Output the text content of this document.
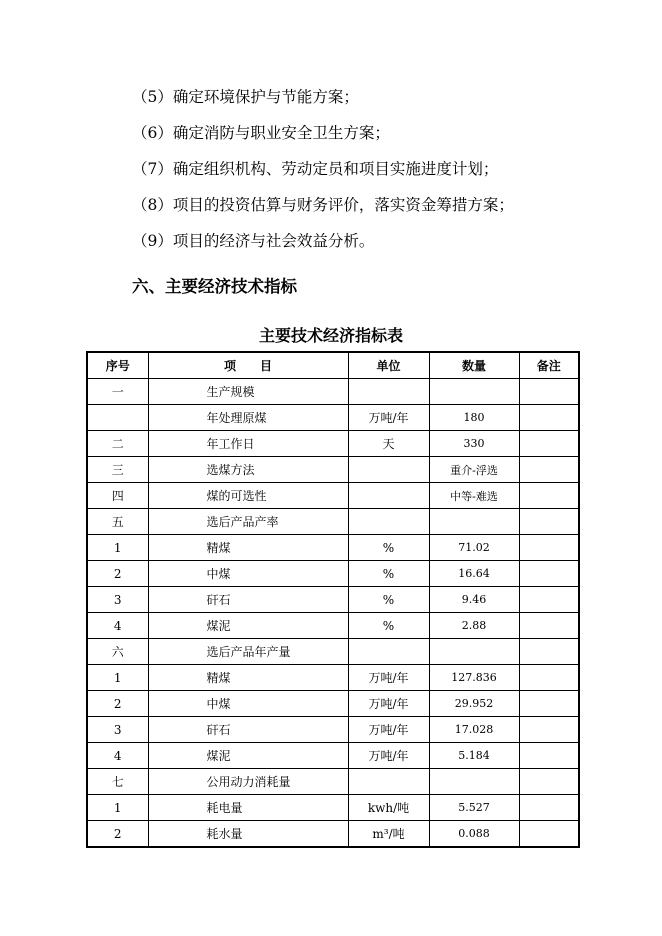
（5）确定环境保护与节能方案；
（6）确定消防与职业安全卫生方案；
（7）确定组织机构、劳动定员和项目实施进度计划；
（8）项目的投资估算与财务评价，落实资金筹措方案；
（9）项目的经济与社会效益分析。
六、主要经济技术指标
主要技术经济指标表
序号	项　　目	单位	数量	备注
一	生产规模			
	年处理原煤	万吨/年	180	
二	年工作日	天	330	
三	选煤方法		重介-浮选	
四	煤的可选性		中等-难选	
五	选后产品产率			
1	精煤	%	71.02	
2	中煤	%	16.64	
3	矸石	%	9.46	
4	煤泥	%	2.88	
六	选后产品年产量			
1	精煤	万吨/年	127.836	
2	中煤	万吨/年	29.952	
3	矸石	万吨/年	17.028	
4	煤泥	万吨/年	5.184	
七	公用动力消耗量			
1	耗电量	kwh/吨	5.527	
2	耗水量	m³/吨	0.088	
